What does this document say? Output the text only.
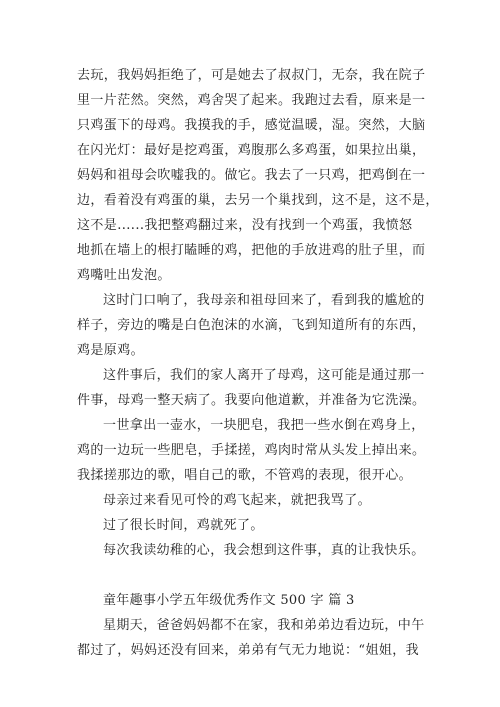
去玩，我妈妈拒绝了，可是她去了叔叔门，无奈，我在院子
里一片茫然。突然，鸡舍哭了起来。我跑过去看，原来是一
只鸡蛋下的母鸡。我摸我的手，感觉温暖，湿。突然，大脑
在闪光灯：最好是挖鸡蛋，鸡腹那么多鸡蛋，如果拉出巢，
妈妈和祖母会吹嘘我的。做它。我去了一只鸡，把鸡倒在一
边，看着没有鸡蛋的巢，去另一个巢找到，这不是，这不是，
这不是......我把整鸡翻过来，没有找到一个鸡蛋，我愤怒
地抓在墙上的根打瞌睡的鸡，把他的手放进鸡的肚子里，而
鸡嘴吐出发泡。
这时门口响了，我母亲和祖母回来了，看到我的尴尬的
样子，旁边的嘴是白色泡沫的水滴，飞到知道所有的东西，
鸡是原鸡。
这件事后，我们的家人离开了母鸡，这可能是通过那一
件事，母鸡一整天病了。我要向他道歉，并准备为它洗澡。
一世拿出一壶水，一块肥皂，我把一些水倒在鸡身上，
鸡的一边玩一些肥皂，手揉搓，鸡肉时常从头发上掉出来。
我揉搓那边的歌，唱自己的歌，不管鸡的表现，很开心。
母亲过来看见可怜的鸡飞起来，就把我骂了。
过了很长时间，鸡就死了。
每次我读幼稚的心，我会想到这件事，真的让我快乐。
童年趣事小学五年级优秀作文 500 字 篇 3
星期天，爸爸妈妈都不在家，我和弟弟边看边玩，中午
都过了，妈妈还没有回来，弟弟有气无力地说：“姐姐，我
